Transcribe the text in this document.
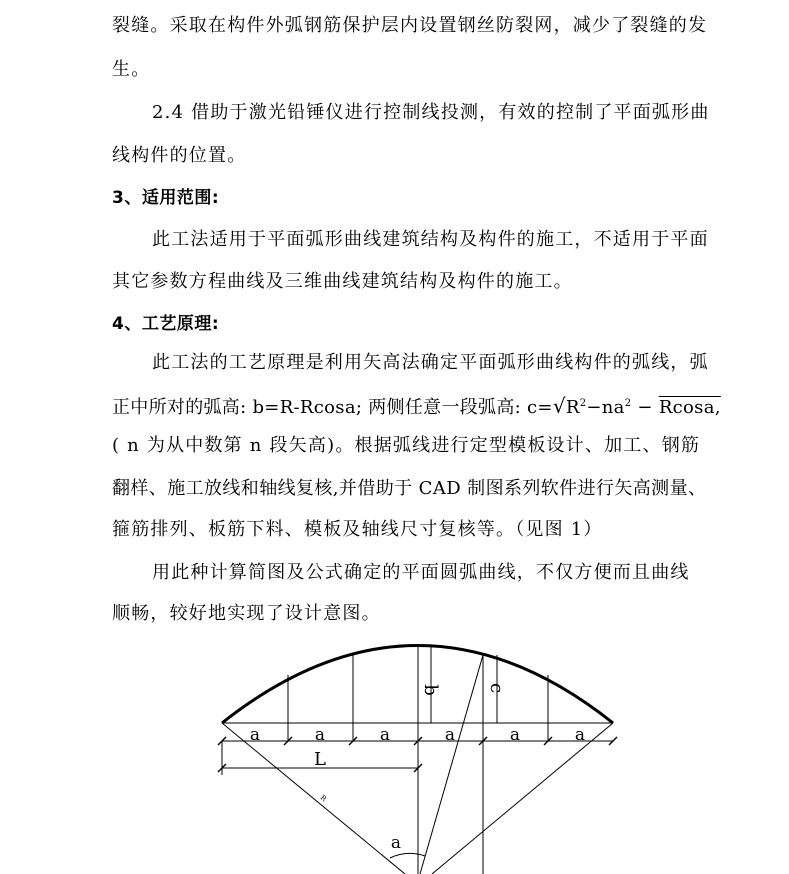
裂缝。采取在构件外弧钢筋保护层内设置钢丝防裂网，减少了裂缝的发
生。
2.4 借助于激光铅锤仪进行控制线投测，有效的控制了平面弧形曲
线构件的位置。
3、适用范围:
此工法适用于平面弧形曲线建筑结构及构件的施工，不适用于平面
其它参数方程曲线及三维曲线建筑结构及构件的施工。
4、工艺原理:
此工法的工艺原理是利用矢高法确定平面弧形曲线构件的弧线，弧
正中所对的弧高: b=R-Rcosa; 两侧任意一段弧高: $c=√R^2-na^2 - Rcosa$,
( n 为从中数第 n 段矢高)。根据弧线进行定型模板设计、加工、钢筋
翻样、施工放线和轴线复核,并借助于 CAD 制图系列软件进行矢高测量、
箍筋排列、板筋下料、模板及轴线尺寸复核等。（见图 1）
用此种计算简图及公式确定的平面圆弧曲线，不仅方便而且曲线
顺畅，较好地实现了设计意图。
a	a	a	a	a	a
L
b	c
R
a
